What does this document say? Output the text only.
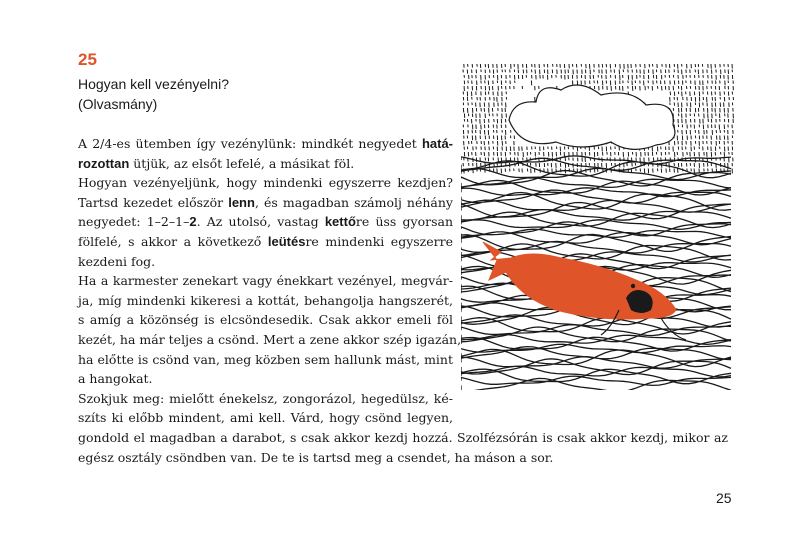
25
Hogyan kell vezényelni?
(Olvasmány)
A 2/4-es ütemben így vezénylünk: mindkét negyedet hatá-
rozottan ütjük, az elsőt lefelé, a másikat föl.
Hogyan vezényeljünk, hogy mindenki egyszerre kezdjen?
Tartsd kezedet először lenn, és magadban számolj néhány
negyedet: 1–2–1–2. Az utolsó, vastag kettőre üss gyorsan
fölfelé, s akkor a következő leütésre mindenki egyszerre
kezdeni fog.
Ha a karmester zenekart vagy énekkart vezényel, megvár-
ja, míg mindenki kikeresi a kottát, behangolja hangszerét,
s amíg a közönség is elcsöndesedik. Csak akkor emeli föl
kezét, ha már teljes a csönd. Mert a zene akkor szép igazán,
ha előtte is csönd van, meg közben sem hallunk mást, mint
a hangokat.
Szokjuk meg: mielőtt énekelsz, zongorázol, hegedülsz, ké-
szíts ki előbb mindent, ami kell. Várd, hogy csönd legyen,
gondold el magadban a darabot, s csak akkor kezdj hozzá. Szolfézsórán is csak akkor kezdj, mikor az
egész osztály csöndben van. De te is tartsd meg a csendet, ha máson a sor.
25
